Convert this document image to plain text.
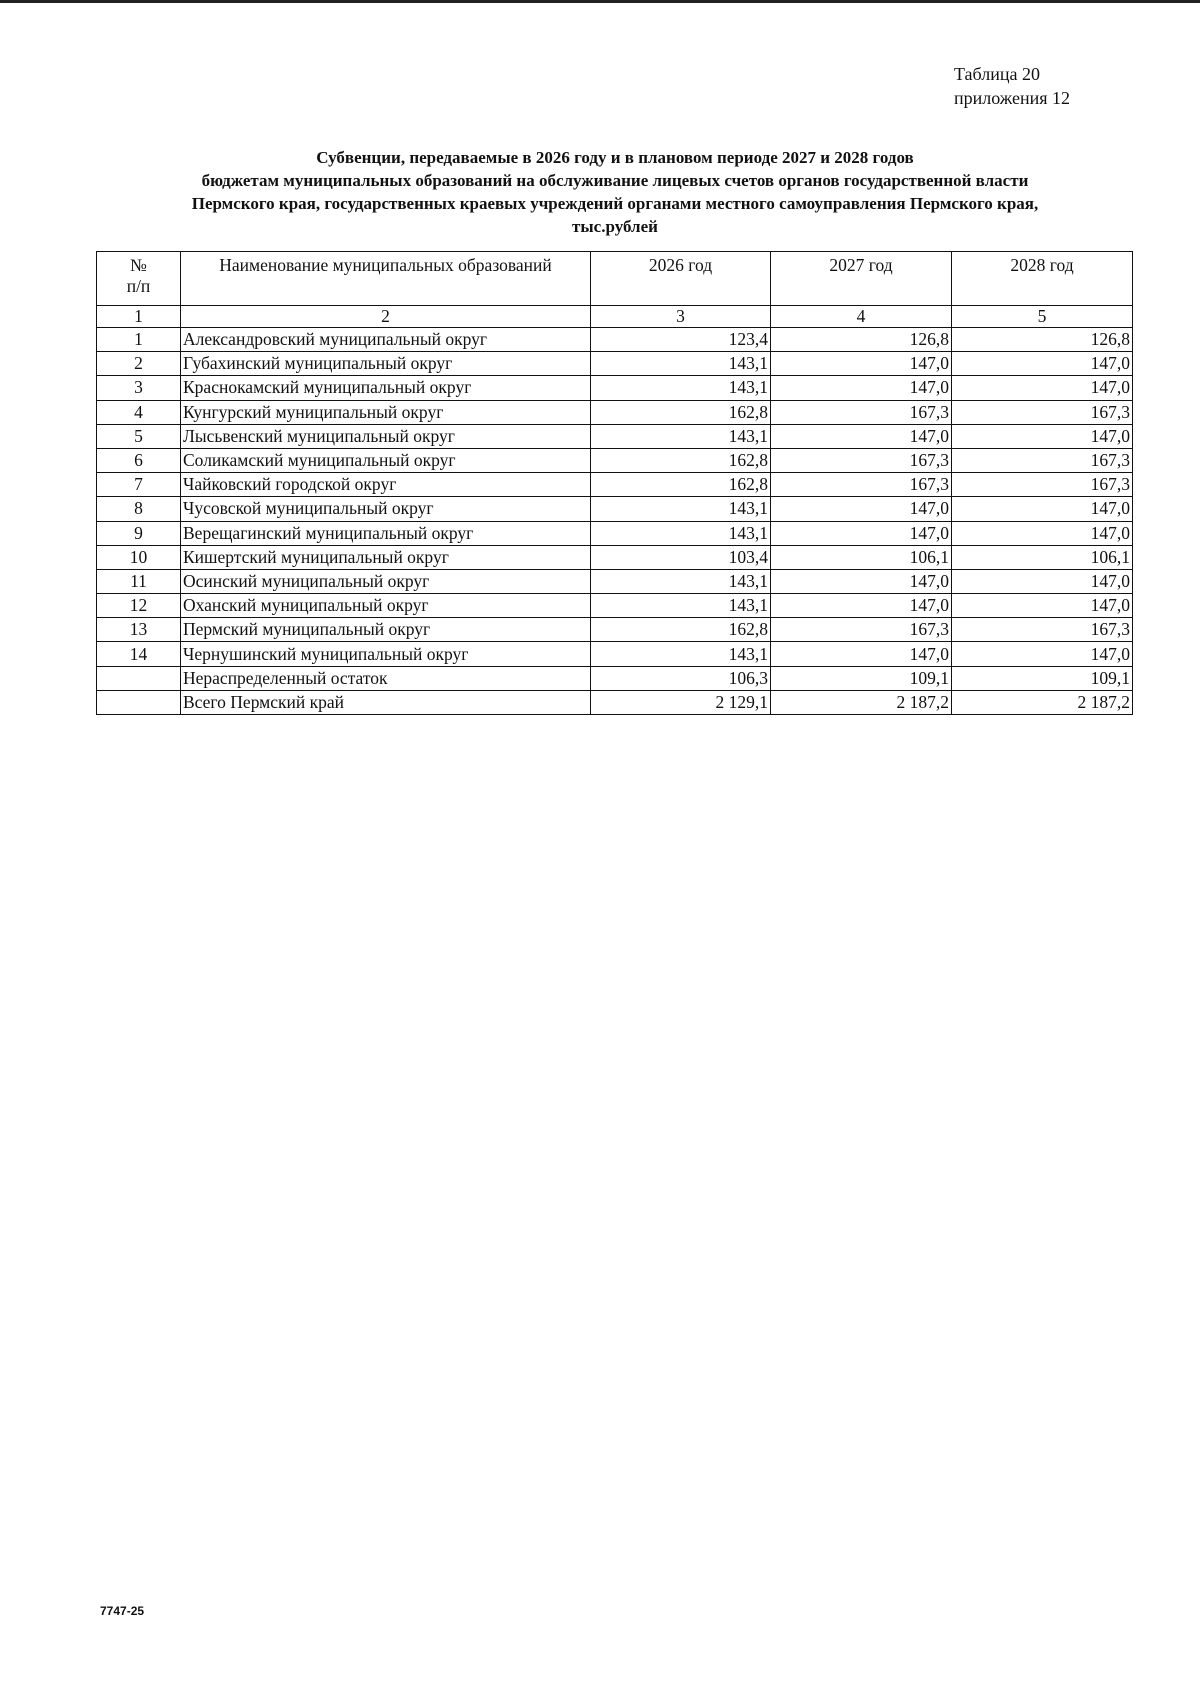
Таблица 20
приложения 12
Субвенции, передаваемые в 2026 году и в плановом периоде 2027 и 2028 годов
бюджетам муниципальных образований на обслуживание лицевых счетов органов государственной власти
Пермского края, государственных краевых учреждений органами местного самоуправления Пермского края,
тыс.рублей
№
п/п	Наименование муниципальных образований	2026 год	2027 год	2028 год
1	2	3	4	5
1	Александровский муниципальный округ	123,4	126,8	126,8
2	Губахинский муниципальный округ	143,1	147,0	147,0
3	Краснокамский муниципальный округ	143,1	147,0	147,0
4	Кунгурский муниципальный округ	162,8	167,3	167,3
5	Лысьвенский муниципальный округ	143,1	147,0	147,0
6	Соликамский муниципальный округ	162,8	167,3	167,3
7	Чайковский городской округ	162,8	167,3	167,3
8	Чусовской муниципальный округ	143,1	147,0	147,0
9	Верещагинский муниципальный округ	143,1	147,0	147,0
10	Кишертский муниципальный округ	103,4	106,1	106,1
11	Осинский муниципальный округ	143,1	147,0	147,0
12	Оханский муниципальный округ	143,1	147,0	147,0
13	Пермский муниципальный округ	162,8	167,3	167,3
14	Чернушинский муниципальный округ	143,1	147,0	147,0
	Нераспределенный остаток	106,3	109,1	109,1
	Всего Пермский край	2 129,1	2 187,2	2 187,2
7747-25
